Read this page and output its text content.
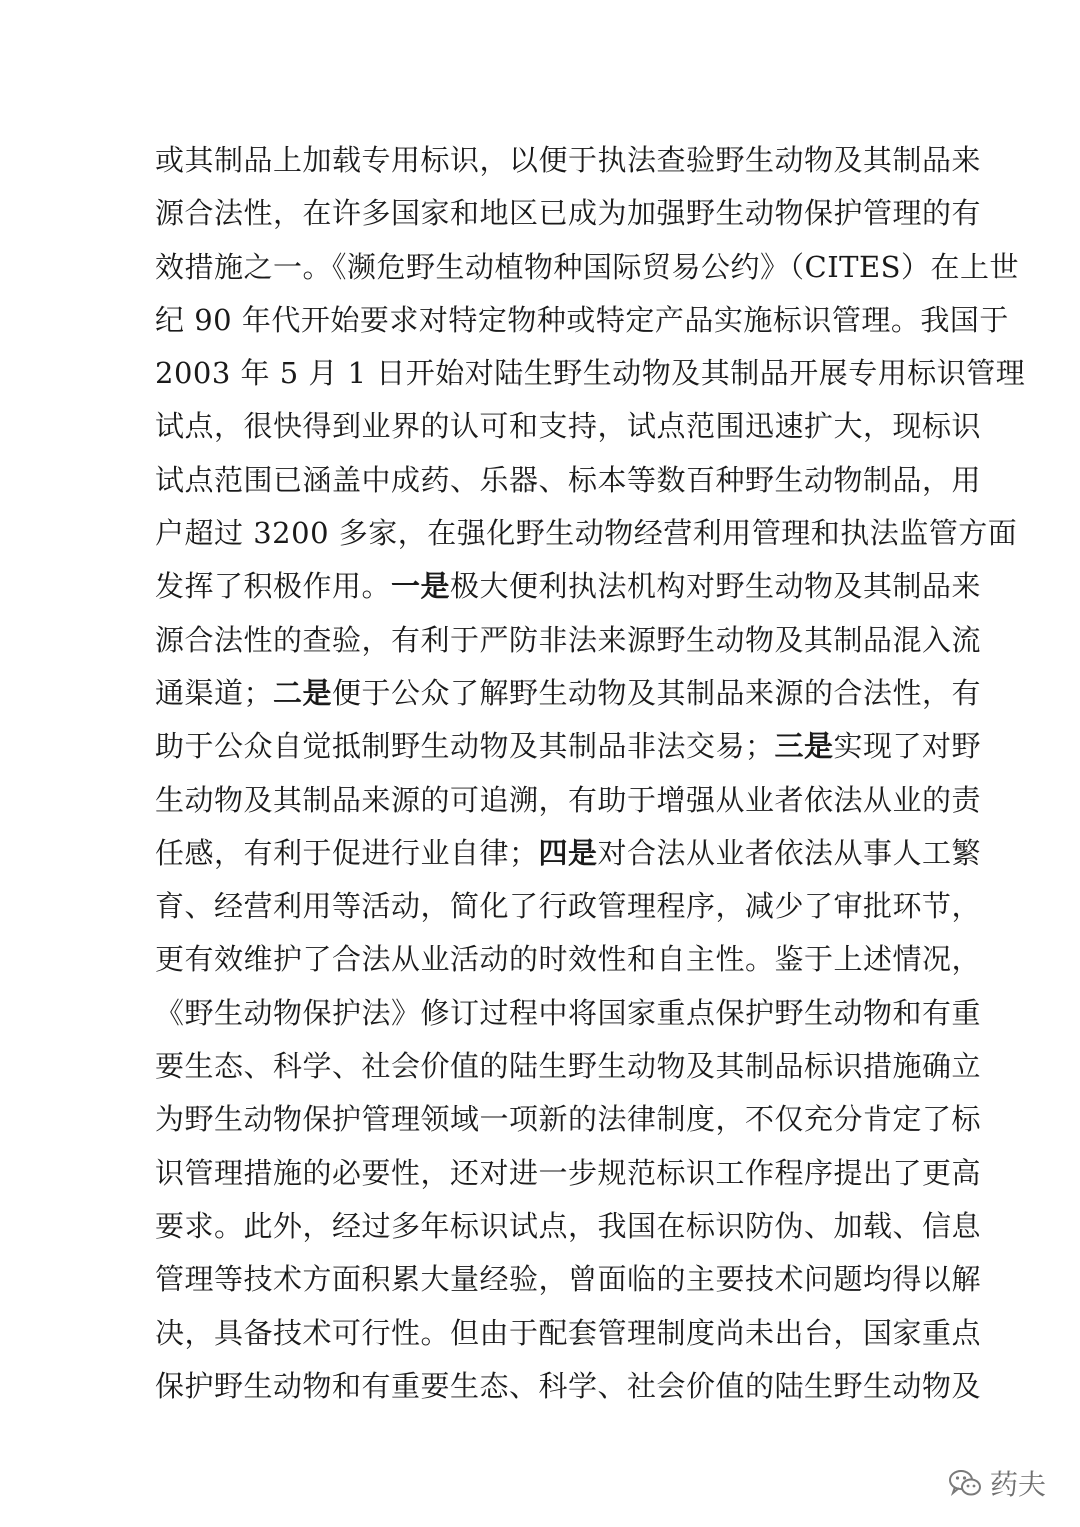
或其制品上加载专用标识，以便于执法查验野生动物及其制品来
源合法性，在许多国家和地区已成为加强野生动物保护管理的有
效措施之一。《濒危野生动植物种国际贸易公约》（CITES）在上世
纪 90 年代开始要求对特定物种或特定产品实施标识管理。我国于
2003 年 5 月 1 日开始对陆生野生动物及其制品开展专用标识管理
试点，很快得到业界的认可和支持，试点范围迅速扩大，现标识
试点范围已涵盖中成药、乐器、标本等数百种野生动物制品，用
户超过 3200 多家，在强化野生动物经营利用管理和执法监管方面
发挥了积极作用。一是极大便利执法机构对野生动物及其制品来
源合法性的查验，有利于严防非法来源野生动物及其制品混入流
通渠道；二是便于公众了解野生动物及其制品来源的合法性，有
助于公众自觉抵制野生动物及其制品非法交易；三是实现了对野
生动物及其制品来源的可追溯，有助于增强从业者依法从业的责
任感，有利于促进行业自律；四是对合法从业者依法从事人工繁
育、经营利用等活动，简化了行政管理程序，减少了审批环节，
更有效维护了合法从业活动的时效性和自主性。鉴于上述情况，
《野生动物保护法》修订过程中将国家重点保护野生动物和有重
要生态、科学、社会价值的陆生野生动物及其制品标识措施确立
为野生动物保护管理领域一项新的法律制度，不仅充分肯定了标
识管理措施的必要性，还对进一步规范标识工作程序提出了更高
要求。此外，经过多年标识试点，我国在标识防伪、加载、信息
管理等技术方面积累大量经验，曾面临的主要技术问题均得以解
决，具备技术可行性。但由于配套管理制度尚未出台，国家重点
保护野生动物和有重要生态、科学、社会价值的陆生野生动物及
药夫
